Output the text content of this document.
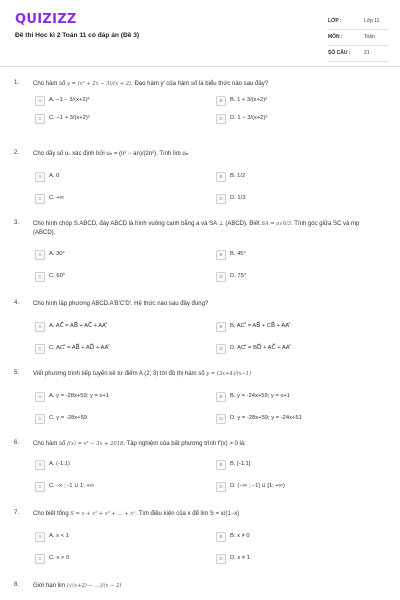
QUIZIZZ
Đề thi Học kì 2 Toán 11 có đáp án (Đề 3)
LỚP :	Lớp 11
MÔN :	Toán
SỐ CÂU :	21
1. Cho hàm số y = (x² + 2x − 3)/(x + 2). Đạo hàm y′ của hàm số là biểu thức nào sau đây?
A	A. −1 − 3/(x+2)²	B	B. 1 + 3/(x+2)²
C	C. −1 + 3/(x+2)²	D	D. 1 − 3/(x+2)²
2. Cho dãy số uₙ xác định bởi uₙ = (n² − an)/(2n²). Tính lim uₙ
A	A. 0	B	B. 1/2
C	C. +∞	D	D. 1/3
3. Cho hình chóp S.ABCD, đáy ABCD là hình vuông cạnh bằng a và SA ⊥ (ABCD). Biết SA = a√6/3. Tính góc giữa SC và mp (ABCD).
A	A. 30°	B	B. 45°
C	C. 60°	D	D. 75°
4. Cho hình lập phương ABCD.A′B′C′D′. Hệ thức nào sau đây đúng?
A	A. AC⃗ = AB⃗ + AC⃗ + AA′⃗	B	B. AC′⃗ = AB⃗ + CB⃗ + AA′⃗
C	C. AC′⃗ = AB⃗ + AD⃗ + AA′⃗	D	D. AC′⃗ = BD⃗ + AC⃗ + AA′⃗
5. Viết phương trình tiếp tuyến kẻ từ điểm A (2; 3) tới đồ thị hàm số y = (3x+4)/(x−1)
A	A. y = -28x+59; y = x+1	B	B. y = -24x+59; y = x+1
C	C. y = -28x+59	D	D. y = -28x+59; y = -24x+51
6. Cho hàm số f(x) = x³ − 3x + 2018. Tập nghiệm của bất phương trình f′(x) > 0 là:
A	A. (-1;1)	B	B. [-1;1]
C	C. -∞ ; -1 ∪ 1; +∞	D	D. (−∞ ; −1] ∪ [1; +∞)
7. Cho biết tổng S = x + x² + x³ + … + xⁿ. Tìm điều kiện của x để lim S = x/(1−x)
A	A. x < 1	B	B. x ≠ 0
C	C. x > 0	D	D. x ≠ 1
8. Giới hạn lim (√(x+2) − …)/(x − 2)
